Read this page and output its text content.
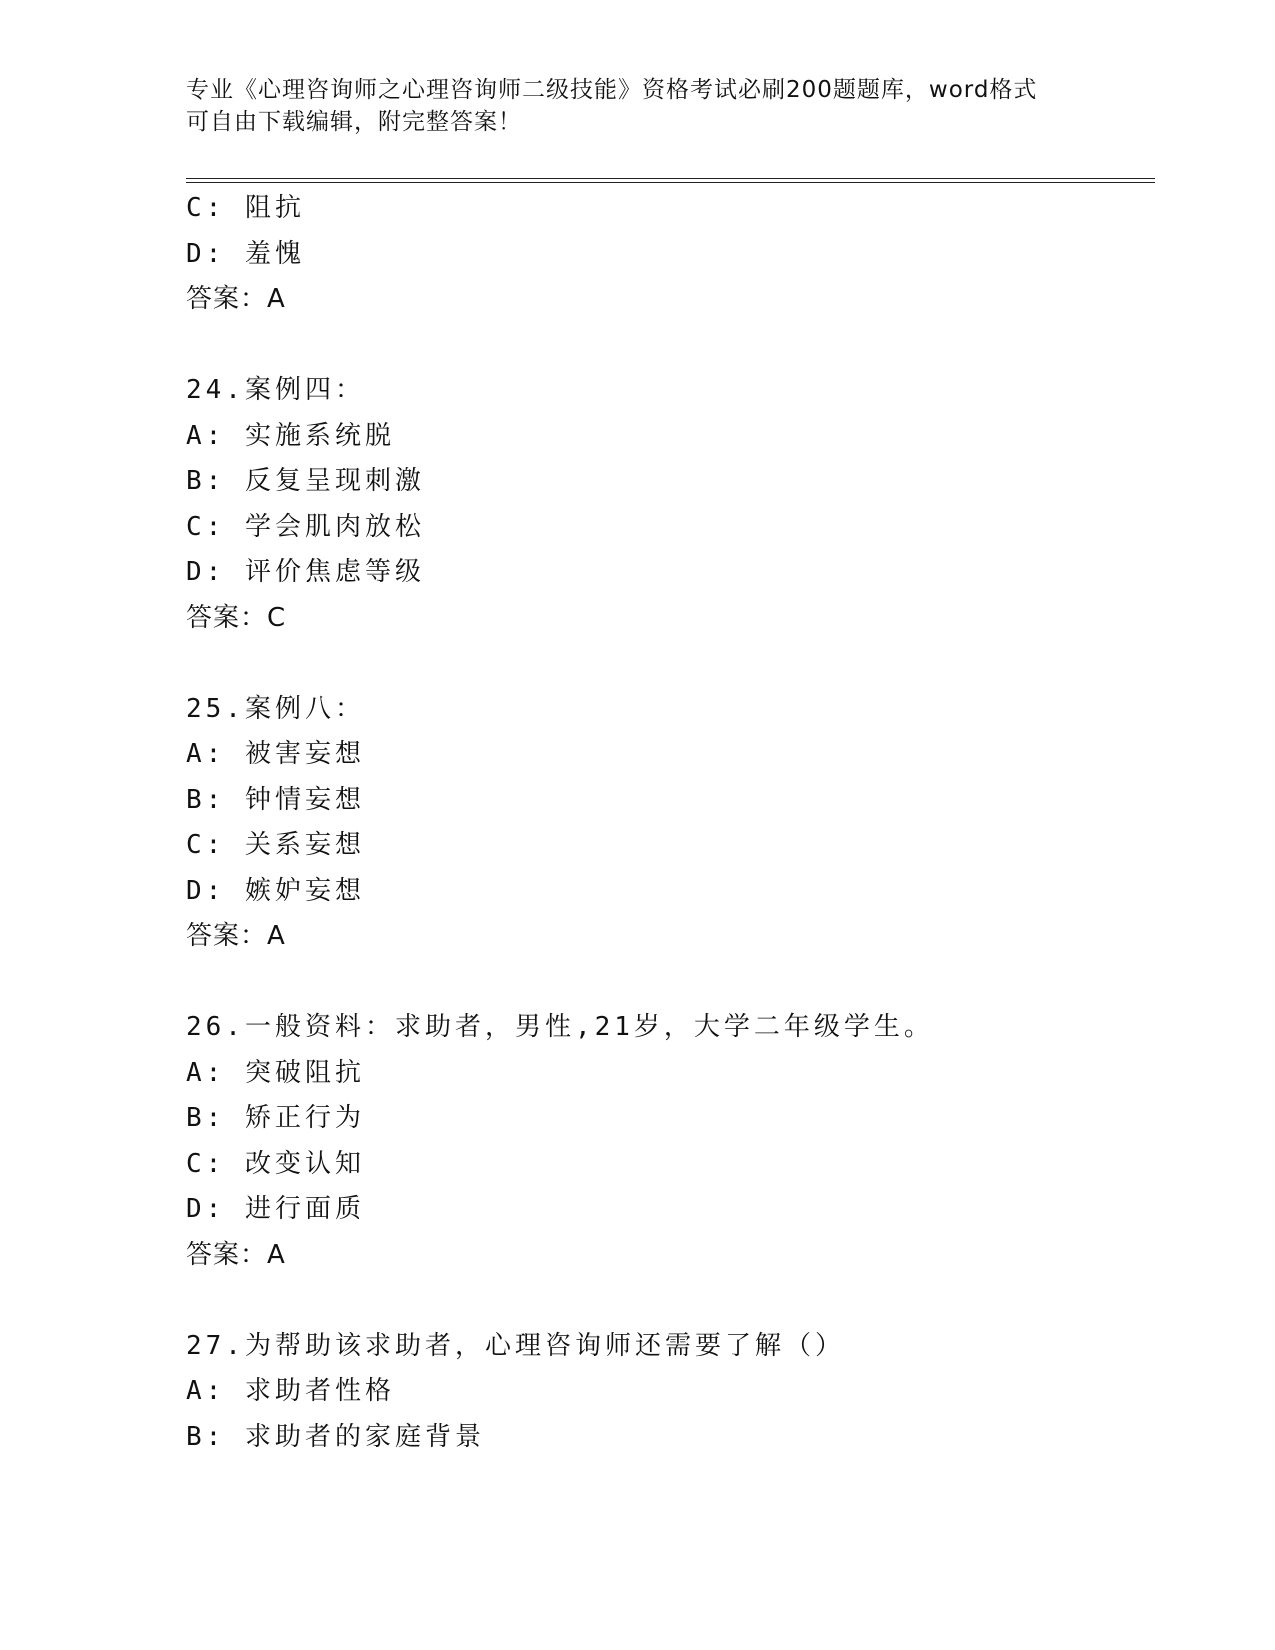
专业《心理咨询师之心理咨询师二级技能》资格考试必刷200题题库，word格式
可自由下载编辑，附完整答案！
C: 阻抗
D: 羞愧
答案：A
24.案例四：
A: 实施系统脱
B: 反复呈现刺激
C: 学会肌肉放松
D: 评价焦虑等级
答案：C
25.案例八：
A: 被害妄想
B: 钟情妄想
C: 关系妄想
D: 嫉妒妄想
答案：A
26.一般资料：求助者，男性,21岁，大学二年级学生。
A: 突破阻抗
B: 矫正行为
C: 改变认知
D: 进行面质
答案：A
27.为帮助该求助者，心理咨询师还需要了解（）
A: 求助者性格
B: 求助者的家庭背景
